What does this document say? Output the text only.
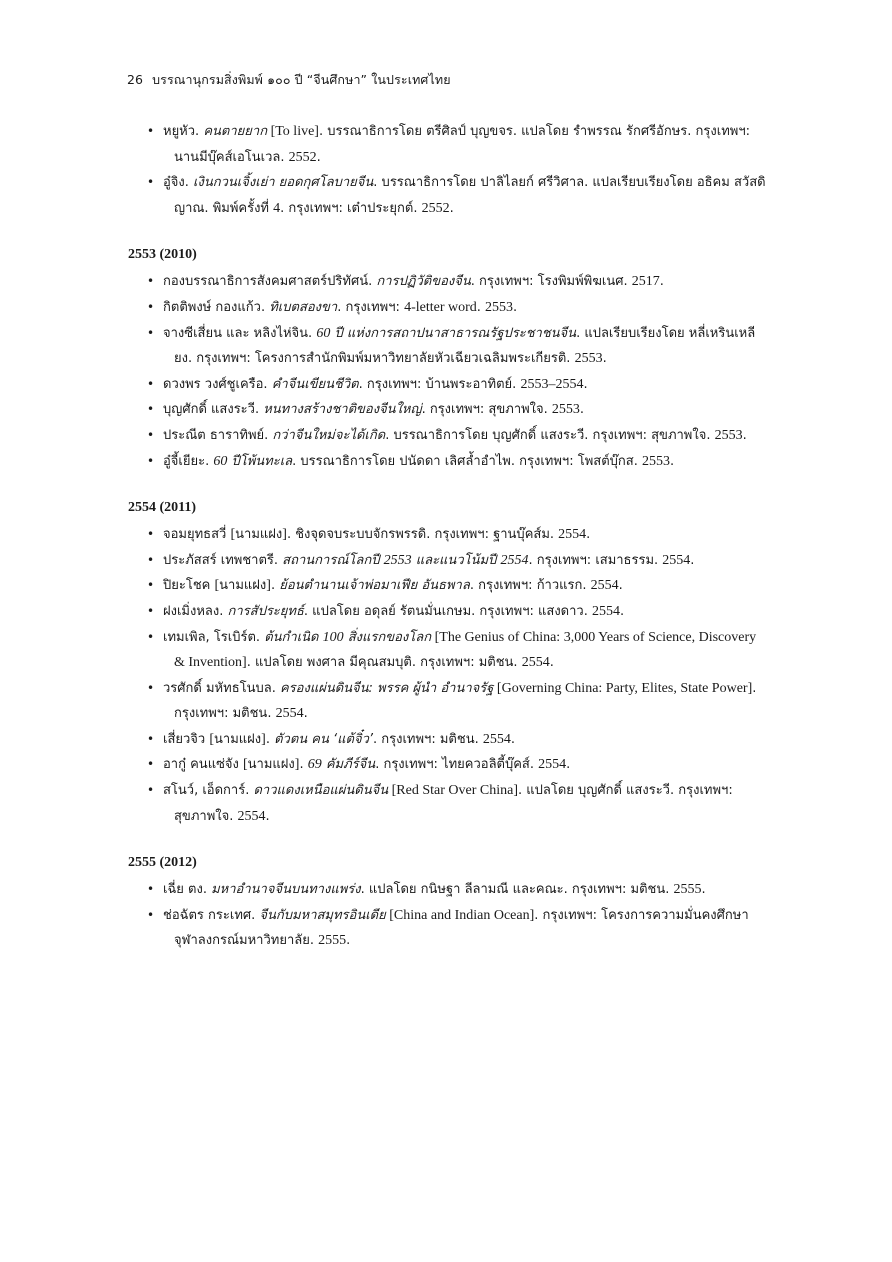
26 บรรณานุกรมสิ่งพิมพ์ ๑๐๐ ปี “จีนศึกษา” ในประเทศไทย
• หยูหัว. คนตายยาก [To live]. บรรณาธิการโดย ตรีศิลป์ บุญขจร. แปลโดย รำพรรณ รักศรีอักษร. กรุงเทพฯ: นานมีบุ๊คส์เอโนเวล. 2552.
• อู๋จิง. เงินกวนเจิ้งเย่า ยอดกุศโลบายจีน. บรรณาธิการโดย ปาลิไลยก์ ศรีวิศาล. แปลเรียบเรียงโดย อธิคม สวัสดิญาณ. พิมพ์ครั้งที่ 4. กรุงเทพฯ: เต๋าประยุกต์. 2552.
2553 (2010)
• กองบรรณาธิการสังคมศาสตร์ปริทัศน์. การปฏิวัติของจีน. กรุงเทพฯ: โรงพิมพ์พิฆเนศ. 2517.
• กิตติพงษ์ กองแก้ว. ทิเบตสองขา. กรุงเทพฯ: 4-letter word. 2553.
• จางซีเสี่ยน และ หลิงไห่จิน. 60 ปี แห่งการสถาปนาสาธารณรัฐประชาชนจีน. แปลเรียบเรียงโดย หลี่เหรินเหลียง. กรุงเทพฯ: โครงการสำนักพิมพ์มหาวิทยาลัยหัวเฉียวเฉลิมพระเกียรติ. 2553.
• ดวงพร วงศ์ชูเครือ. คำจีนเขียนชีวิต. กรุงเทพฯ: บ้านพระอาทิตย์. 2553–2554.
• บุญศักดิ์ แสงระวี. หนทางสร้างชาติของจีนใหญ่. กรุงเทพฯ: สุขภาพใจ. 2553.
• ประณีต ธาราทิพย์. กว่าจีนใหม่จะได้เกิด. บรรณาธิการโดย บุญศักดิ์ แสงระวี. กรุงเทพฯ: สุขภาพใจ. 2553.
• อู๋จี้เยียะ. 60 ปีโพ้นทะเล. บรรณาธิการโดย ปนัดดา เลิศล้ำอำไพ. กรุงเทพฯ: โพสต์บุ๊กส. 2553.
2554 (2011)
• จอมยุทธสวี่ [นามแฝง]. ชิงจุดจบระบบจักรพรรดิ. กรุงเทพฯ: ฐานบุ๊คส์ม. 2554.
• ประภัสสร์ เทพชาตรี. สถานการณ์โลกปี 2553 และแนวโน้มปี 2554. กรุงเทพฯ: เสมาธรรม. 2554.
• ปิยะโชค [นามแฝง]. ย้อนตำนานเจ้าพ่อมาเฟีย อันธพาล. กรุงเทพฯ: ก้าวแรก. 2554.
• ฝงเมิ่งหลง. การสัประยุทธ์. แปลโดย อดุลย์ รัตนมั่นเกษม. กรุงเทพฯ: แสงดาว. 2554.
• เทมเพิล, โรเบิร์ต. ต้นกำเนิด 100 สิ่งแรกของโลก [The Genius of China: 3,000 Years of Science, Discovery & Invention]. แปลโดย พงศาล มีคุณสมบุติ. กรุงเทพฯ: มติชน. 2554.
• วรศักดิ์ มหัทธโนบล. ครองแผ่นดินจีน: พรรค ผู้นำ อำนาจรัฐ [Governing China: Party, Elites, State Power]. กรุงเทพฯ: มติชน. 2554.
• เสี่ยวจิว [นามแฝง]. ตัวตน คน ‘แต้จิ๋ว’. กรุงเทพฯ: มติชน. 2554.
• อากู๋ คนแซ่จัง [นามแฝง]. 69 คัมภีร์จีน. กรุงเทพฯ: ไทยควอลิตี้บุ๊คส์. 2554.
• สโนว์, เอ็ดการ์. ดาวแดงเหนือแผ่นดินจีน [Red Star Over China]. แปลโดย บุญศักดิ์ แสงระวี. กรุงเทพฯ: สุขภาพใจ. 2554.
2555 (2012)
• เฉี่ย ตง. มหาอำนาจจีนบนทางแพร่ง. แปลโดย กนิษฐา ลีลามณี และคณะ. กรุงเทพฯ: มติชน. 2555.
• ช่อฉัตร กระเทศ. จีนกับมหาสมุทรอินเดีย [China and Indian Ocean]. กรุงเทพฯ: โครงการความมั่นคงศึกษา จุฬาลงกรณ์มหาวิทยาลัย. 2555.
